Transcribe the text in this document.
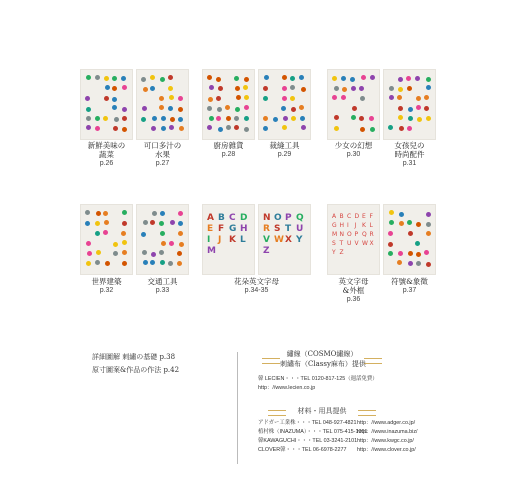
A B C D
E F G H
I J K L
M
N O P Q
R S T U
V W X Y
Z
A B C D E F
G H I J K L
M N O P Q R
S T U V W X
Y Z
新鮮美味の
蔬菜
p.26
可口多汁の
水果
p.27
廚房雜貨
p.28
裁縫工具
p.29
少女の幻想
p.30
女孩兒の
時尚配件
p.31
世界建築
p.32
交通工具
p.33
花朵英文字母
p.34-35
英文字母
&外框
p.36
符號&象徵
p.37
詳細圖解 刺繡の基礎 p.38
原寸圖案&作品の作法 p.42
繡線（COSMO繡線）
刺繡布（Classy麻布）提供
韓 LECIEN・・・TEL 0120-817-125（週話免費）
http：//www.lecien.co.jp
材料・用具提供
アドガー工業株・・・TEL 048-927-4821 http：//www.adger.co.jp/
植村株（INAZUMA）・・・TEL 075-415-1001
http：//www.inazuma.biz/
韓KAWAGUCHI・・・TEL 03-3241-2101 http：//www.kwgc.co.jp/
CLOVER韓・・・TEL 06-6978-2277 http：//www.clover.co.jp/
